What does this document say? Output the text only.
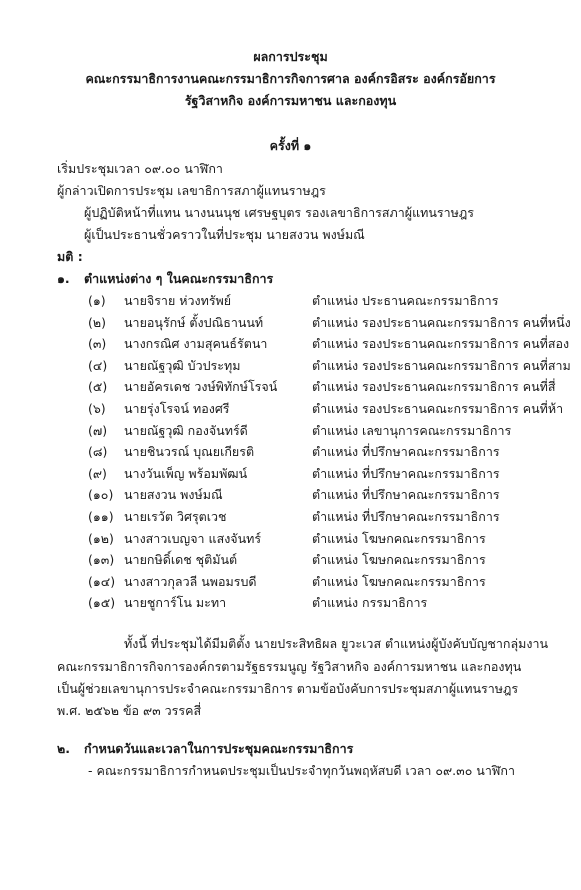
ผลการประชุม
คณะกรรมาธิการงานคณะกรรมาธิการกิจการศาล องค์กรอิสระ องค์กรอัยการ
รัฐวิสาหกิจ องค์การมหาชน และกองทุน
ครั้งที่ ๑
เริ่มประชุมเวลา ๐๙.๐๐ นาฬิกา
ผู้กล่าวเปิดการประชุม เลขาธิการสภาผู้แทนราษฎร
ผู้ปฏิบัติหน้าที่แทน นางนนนุช เศรษฐบุตร รองเลขาธิการสภาผู้แทนราษฎร
ผู้เป็นประธานชั่วคราวในที่ประชุม นายสงวน พงษ์มณี
มติ :
๑. ตำแหน่งต่าง ๆ ในคณะกรรมาธิการ
(๑) นายจิราย ห่วงทรัพย์	ตำแหน่ง ประธานคณะกรรมาธิการ
(๒) นายอนุรักษ์ ตั้งปณิธานนท์	ตำแหน่ง รองประธานคณะกรรมาธิการ คนที่หนึ่ง
(๓) นางกรณิศ งามสุคนธ์รัตนา	ตำแหน่ง รองประธานคณะกรรมาธิการ คนที่สอง
(๔) นายณัฐวุฒิ บัวประทุม	ตำแหน่ง รองประธานคณะกรรมาธิการ คนที่สาม
(๕) นายอัครเดช วงษ์พิทักษ์โรจน์	ตำแหน่ง รองประธานคณะกรรมาธิการ คนที่สี่
(๖) นายรุ่งโรจน์ ทองศรี	ตำแหน่ง รองประธานคณะกรรมาธิการ คนที่ห้า
(๗) นายณัฐวุฒิ กองจันทร์ดี	ตำแหน่ง เลขานุการคณะกรรมาธิการ
(๘) นายชินวรณ์ บุณยเกียรติ	ตำแหน่ง ที่ปรึกษาคณะกรรมาธิการ
(๙) นางวันเพ็ญ พร้อมพัฒน์	ตำแหน่ง ที่ปรึกษาคณะกรรมาธิการ
(๑๐) นายสงวน พงษ์มณี	ตำแหน่ง ที่ปรึกษาคณะกรรมาธิการ
(๑๑) นายเรวัต วิศรุตเวช	ตำแหน่ง ที่ปรึกษาคณะกรรมาธิการ
(๑๒) นางสาวเบญจา แสงจันทร์	ตำแหน่ง โฆษกคณะกรรมาธิการ
(๑๓) นายกษิดิ์เดช ชุติมันต์	ตำแหน่ง โฆษกคณะกรรมาธิการ
(๑๔) นางสาวกุลวลี นพอมรบดี	ตำแหน่ง โฆษกคณะกรรมาธิการ
(๑๕) นายชูการ์โน มะทา	ตำแหน่ง กรรมาธิการ
ทั้งนี้ ที่ประชุมได้มีมติตั้ง นายประสิทธิผล ยูวะเวส ตำแหน่งผู้บังคับบัญชากลุ่มงาน
คณะกรรมาธิการกิจการองค์กรตามรัฐธรรมนูญ รัฐวิสาหกิจ องค์การมหาชน และกองทุน
เป็นผู้ช่วยเลขานุการประจำคณะกรรมาธิการ ตามข้อบังคับการประชุมสภาผู้แทนราษฎร
พ.ศ. ๒๕๖๒ ข้อ ๙๓ วรรคสี่
๒. กำหนดวันและเวลาในการประชุมคณะกรรมาธิการ
- คณะกรรมาธิการกำหนดประชุมเป็นประจำทุกวันพฤหัสบดี เวลา ๐๙.๓๐ นาฬิกา
